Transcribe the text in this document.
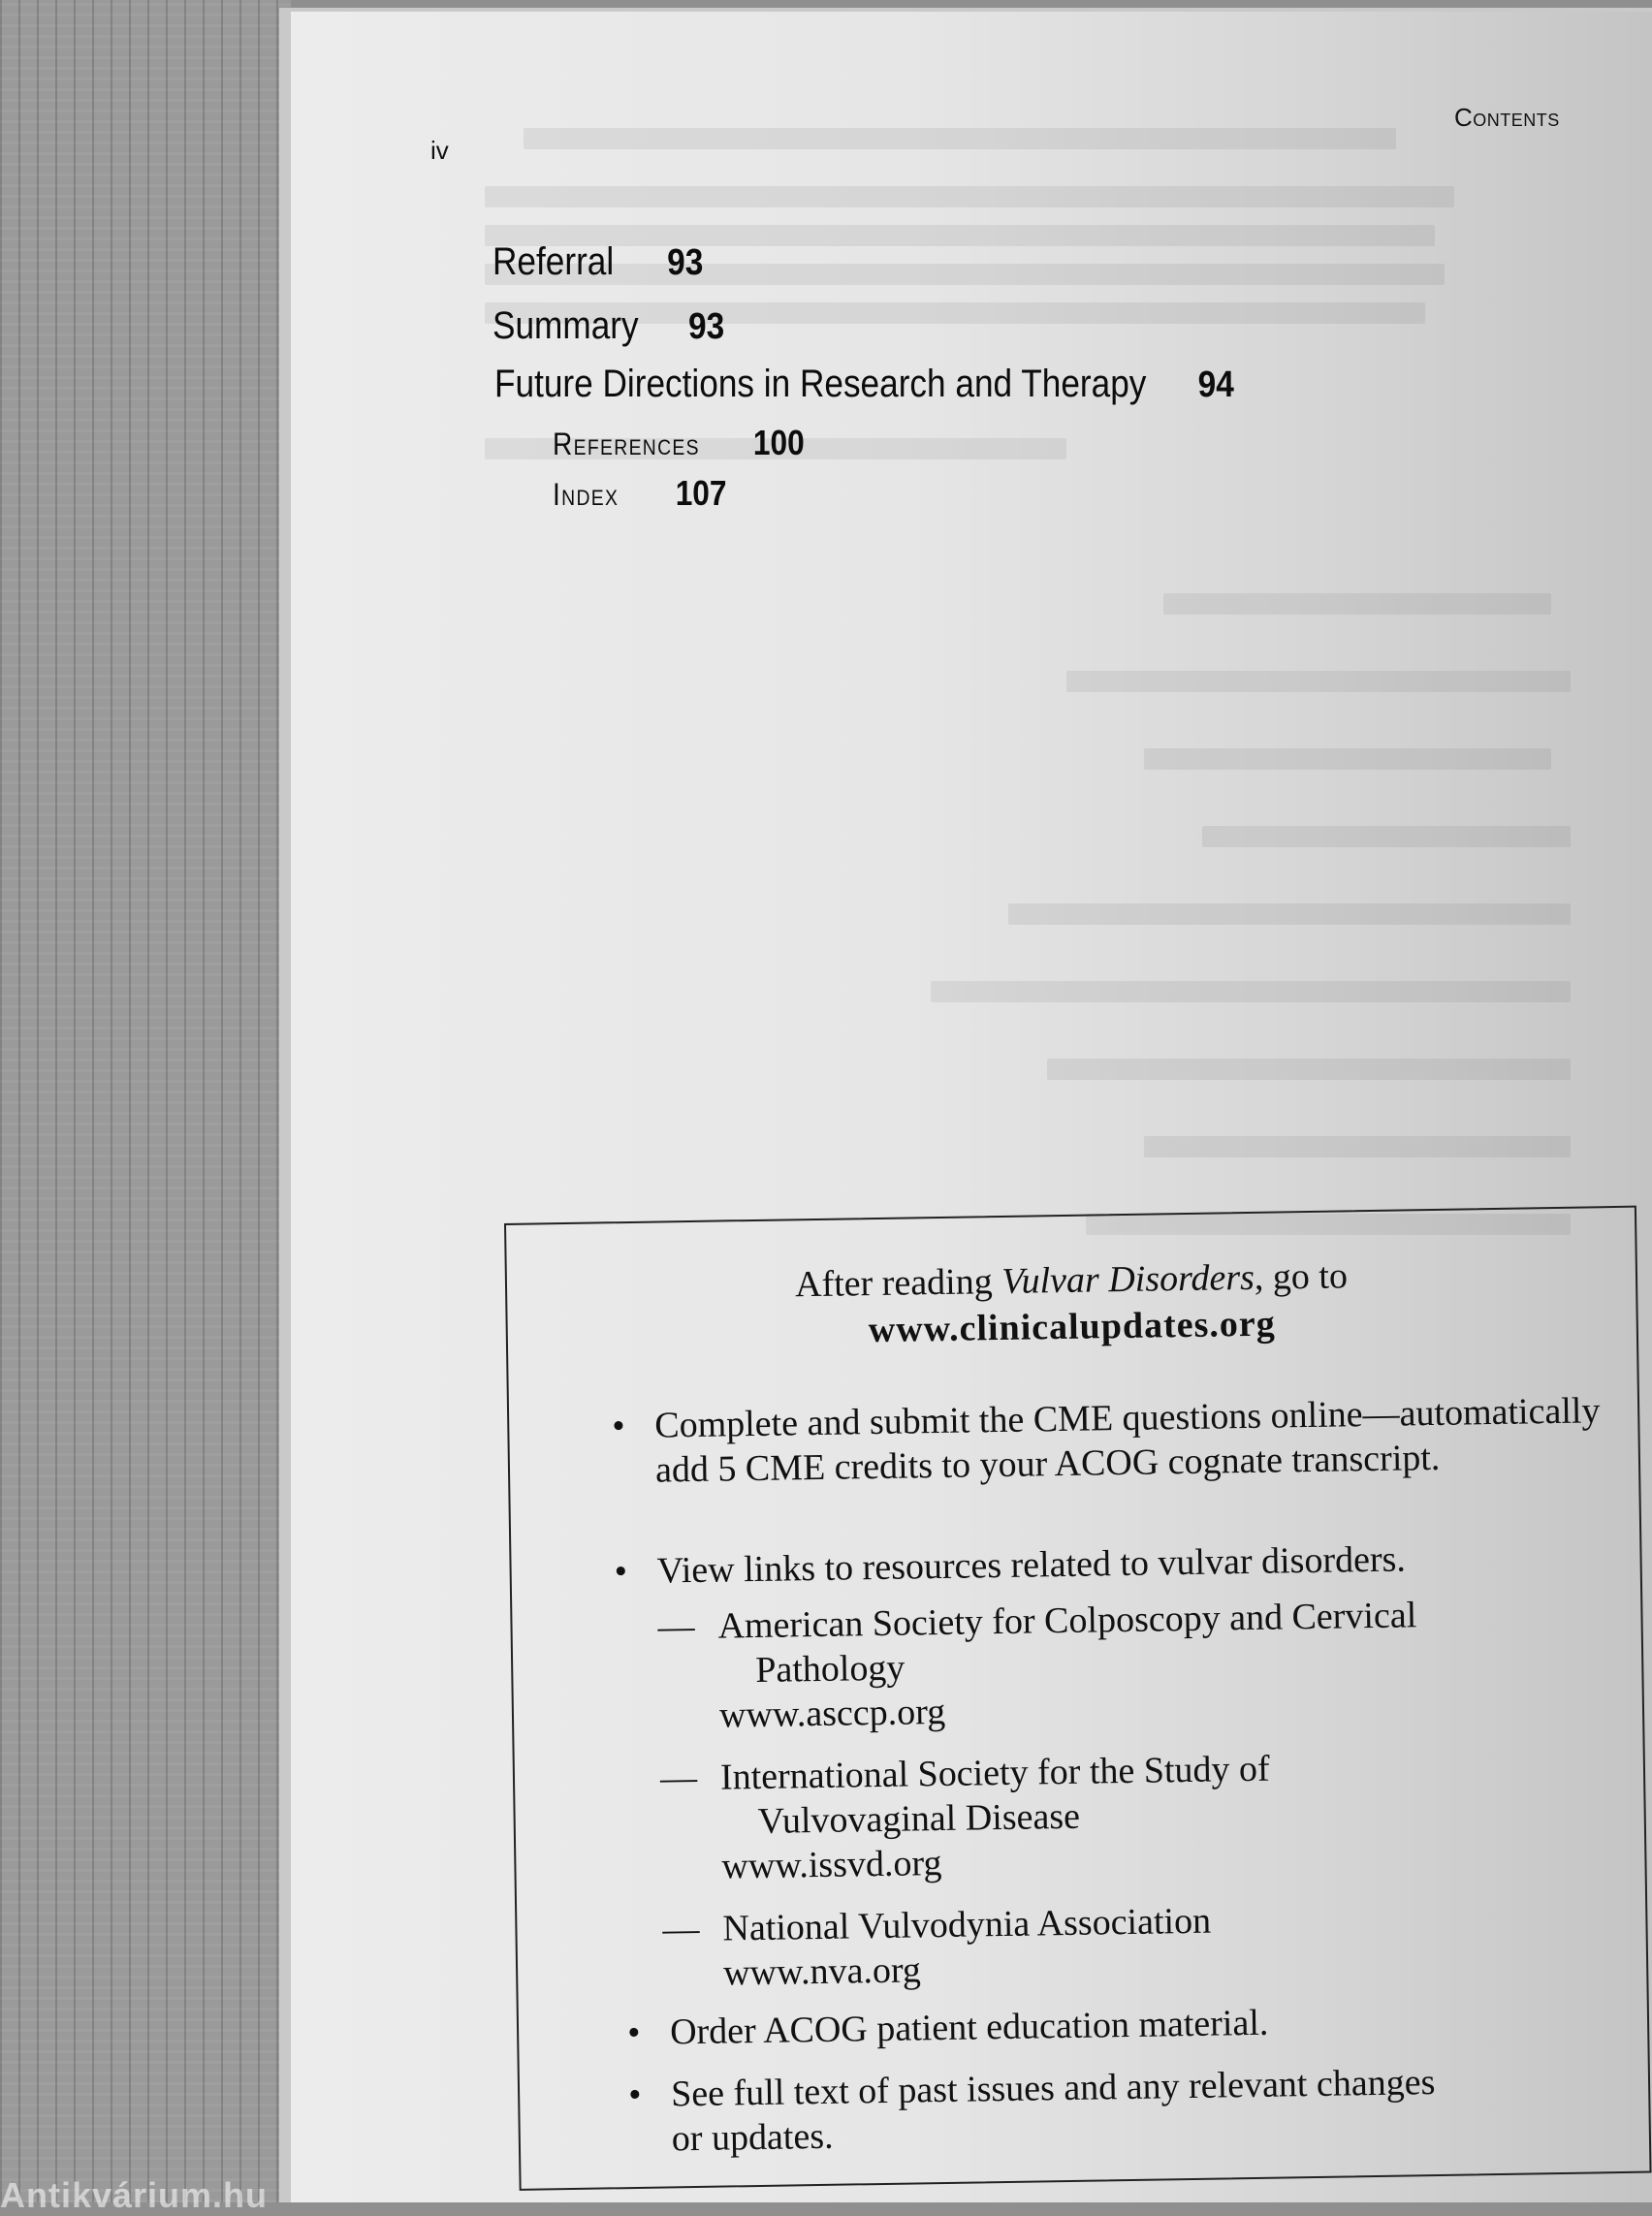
iv
Contents
Referral 93
Summary 93
Future Directions in Research and Therapy 94
References 100
Index 107
After reading Vulvar Disorders, go to
www.clinicalupdates.org
• Complete and submit the CME questions online—automatically add 5 CME credits to your ACOG cognate transcript.
• View links to resources related to vulvar disorders.
— American Society for Colposcopy and Cervical Pathology
www.asccp.org
— International Society for the Study of Vulvovaginal Disease
www.issvd.org
— National Vulvodynia Association
www.nva.org
• Order ACOG patient education material.
• See full text of past issues and any relevant changes or updates.
Antikvárium.hu
